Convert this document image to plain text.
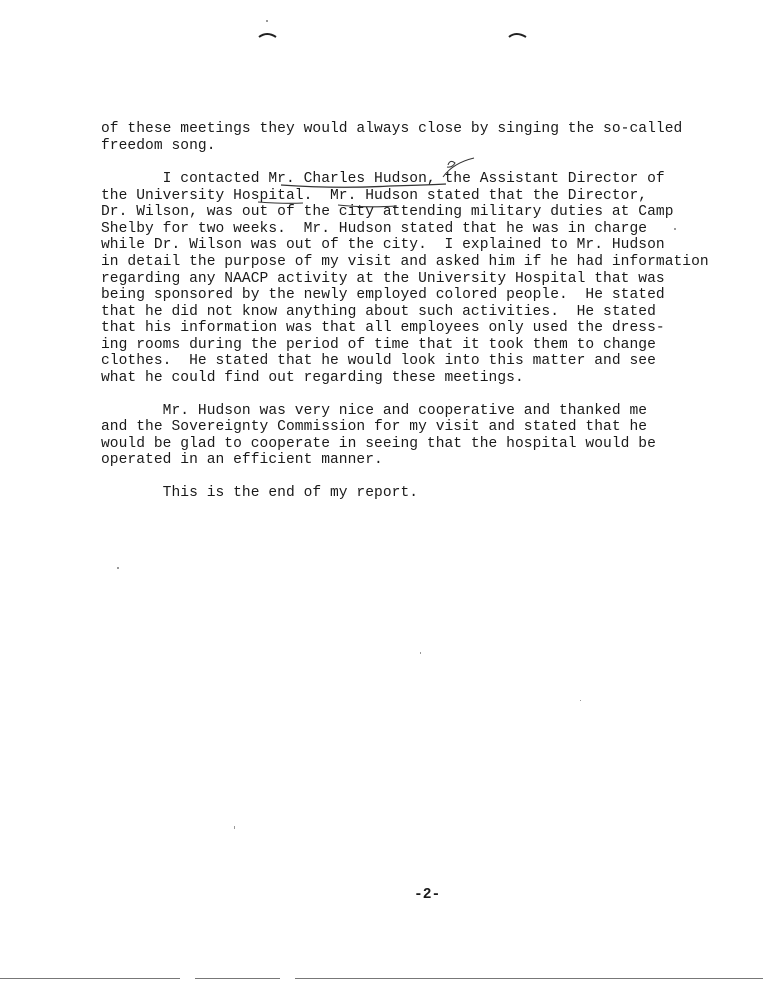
of these meetings they would always close by singing the so-called
freedom song.
I contacted Mr. Charles Hudson, the Assistant Director of
the University Hospital.  Mr. Hudson stated that the Director,
Dr. Wilson, was out of the city attending military duties at Camp
Shelby for two weeks.  Mr. Hudson stated that he was in charge
while Dr. Wilson was out of the city.  I explained to Mr. Hudson
in detail the purpose of my visit and asked him if he had information
regarding any NAACP activity at the University Hospital that was
being sponsored by the newly employed colored people.  He stated
that he did not know anything about such activities.  He stated
that his information was that all employees only used the dress-
ing rooms during the period of time that it took them to change
clothes.  He stated that he would look into this matter and see
what he could find out regarding these meetings.
Mr. Hudson was very nice and cooperative and thanked me
and the Sovereignty Commission for my visit and stated that he
would be glad to cooperate in seeing that the hospital would be
operated in an efficient manner.
This is the end of my report.
-2-
